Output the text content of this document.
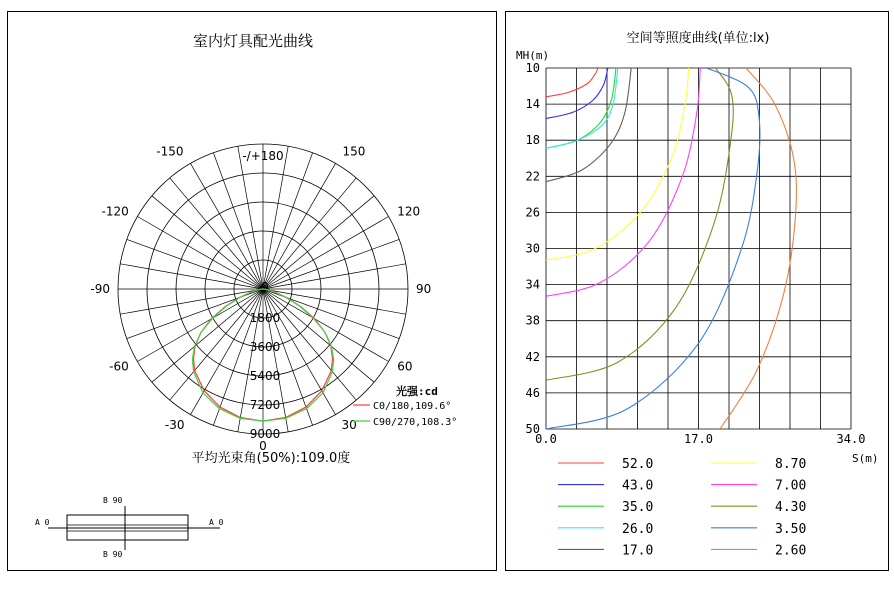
室内灯具配光曲线
-/+180
-150	150
-120	120
-90	90
-60	60
-30	30
0
0
1800
3600
5400
7200
9000
光强:cd
C0/180,109.6°
C90/270,108.3°
平均光束角(50%):109.0度
A 0	A 0
B 90
B 90
空间等照度曲线(单位:lx)
MH(m)
S(m)
10
14
18
22
26
30
34
38
42
46
50
0.0	17.0	34.0
52.0
43.0
35.0
26.0
17.0
8.70
7.00
4.30
3.50
2.60
